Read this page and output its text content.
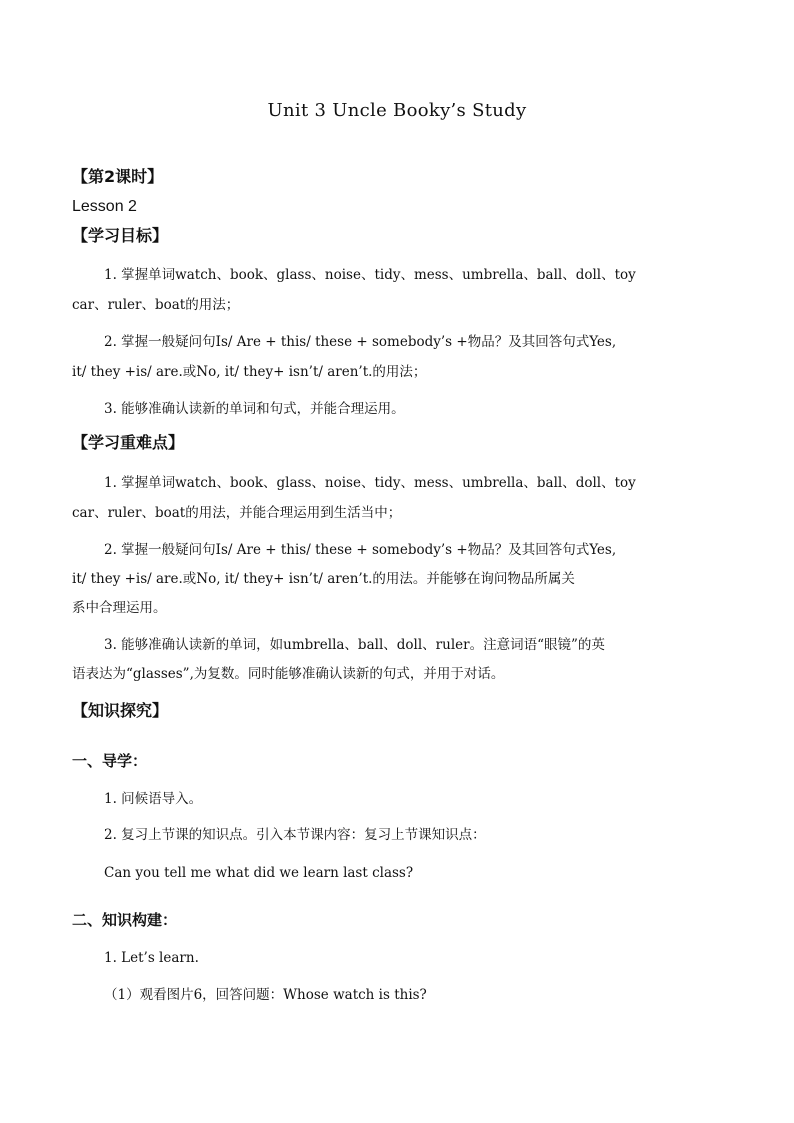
Unit 3 Uncle Booky’s Study
【第2课时】
Lesson 2
【学习目标】
1. 掌握单词watch、book、glass、noise、tidy、mess、umbrella、ball、doll、toy
car、ruler、boat的用法；
2. 掌握一般疑问句Is/ Are + this/ these + somebody’s +物品？及其回答句式Yes,
it/ they +is/ are.或No, it/ they+ isn’t/ aren’t.的用法；
3. 能够准确认读新的单词和句式，并能合理运用。
【学习重难点】
1. 掌握单词watch、book、glass、noise、tidy、mess、umbrella、ball、doll、toy
car、ruler、boat的用法，并能合理运用到生活当中；
2. 掌握一般疑问句Is/ Are + this/ these + somebody’s +物品？及其回答句式Yes,
it/ they +is/ are.或No, it/ they+ isn’t/ aren’t.的用法。并能够在询问物品所属关
系中合理运用。
3. 能够准确认读新的单词，如umbrella、ball、doll、ruler。注意词语“眼镜”的英
语表达为“glasses”,为复数。同时能够准确认读新的句式，并用于对话。
【知识探究】
一、导学：
1. 问候语导入。
2. 复习上节课的知识点。引入本节课内容：复习上节课知识点：
Can you tell me what did we learn last class?
二、知识构建：
1. Let’s learn.
（1）观看图片6，回答问题：Whose watch is this?
